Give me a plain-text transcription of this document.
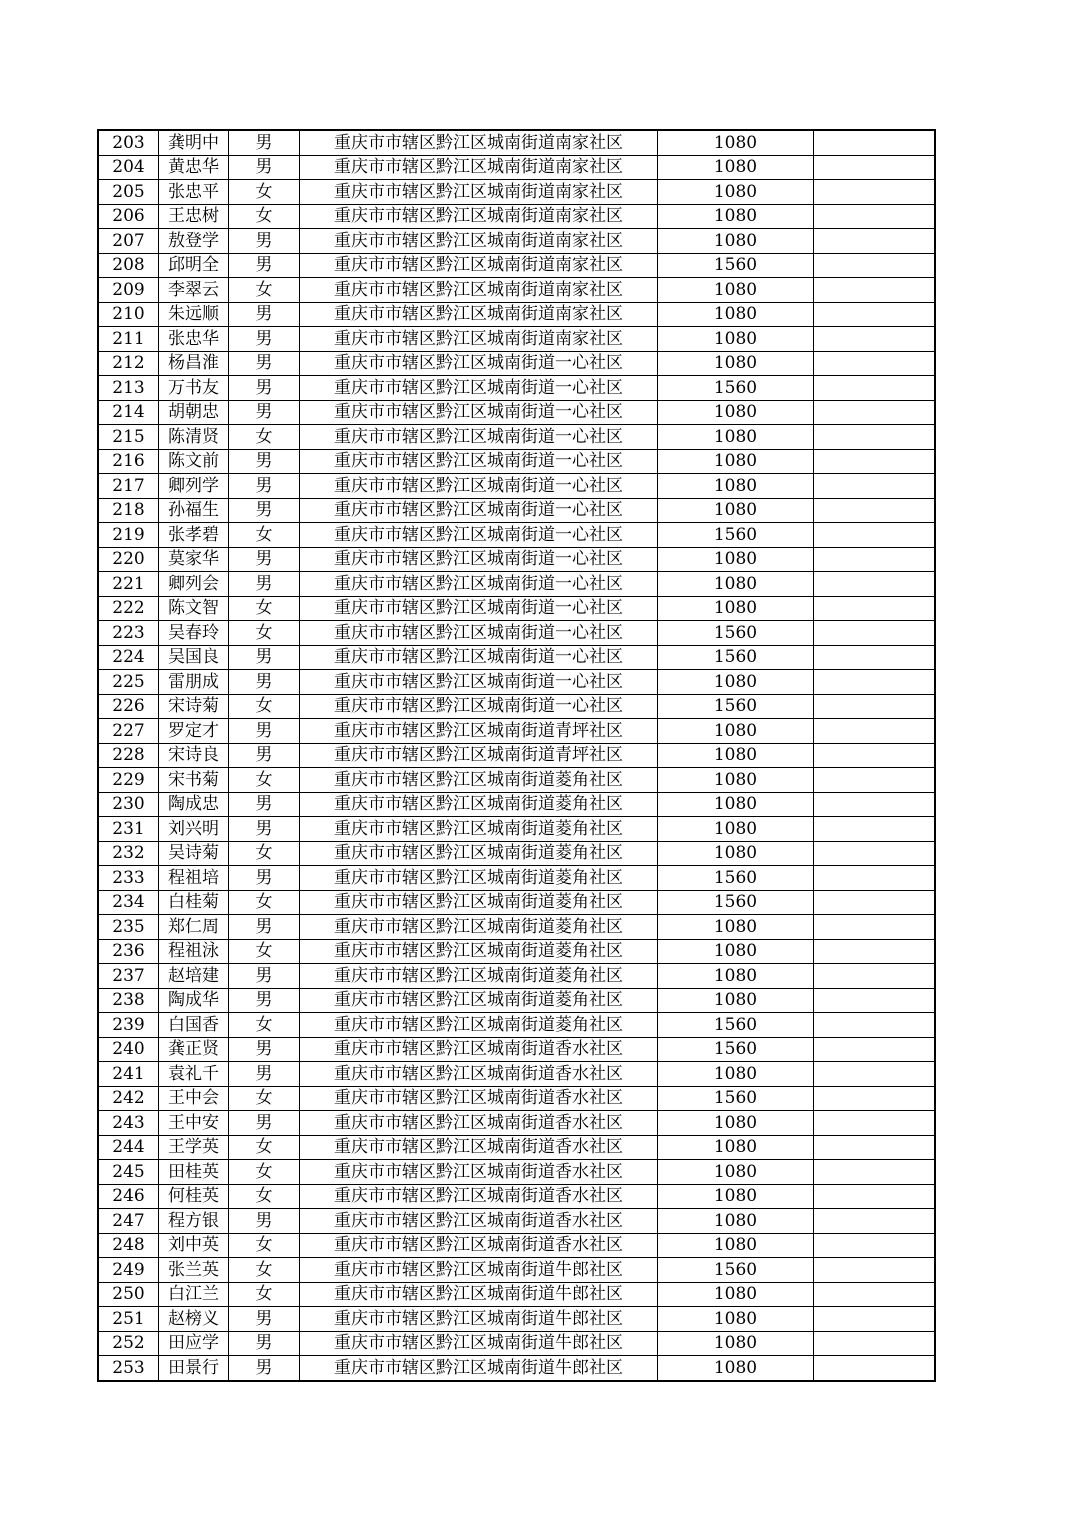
203	龚明中	男	重庆市市辖区黔江区城南街道南家社区	1080	
204	黄忠华	男	重庆市市辖区黔江区城南街道南家社区	1080	
205	张忠平	女	重庆市市辖区黔江区城南街道南家社区	1080	
206	王忠树	女	重庆市市辖区黔江区城南街道南家社区	1080	
207	敖登学	男	重庆市市辖区黔江区城南街道南家社区	1080	
208	邱明全	男	重庆市市辖区黔江区城南街道南家社区	1560	
209	李翠云	女	重庆市市辖区黔江区城南街道南家社区	1080	
210	朱远顺	男	重庆市市辖区黔江区城南街道南家社区	1080	
211	张忠华	男	重庆市市辖区黔江区城南街道南家社区	1080	
212	杨昌淮	男	重庆市市辖区黔江区城南街道一心社区	1080	
213	万书友	男	重庆市市辖区黔江区城南街道一心社区	1560	
214	胡朝忠	男	重庆市市辖区黔江区城南街道一心社区	1080	
215	陈清贤	女	重庆市市辖区黔江区城南街道一心社区	1080	
216	陈文前	男	重庆市市辖区黔江区城南街道一心社区	1080	
217	卿列学	男	重庆市市辖区黔江区城南街道一心社区	1080	
218	孙福生	男	重庆市市辖区黔江区城南街道一心社区	1080	
219	张孝碧	女	重庆市市辖区黔江区城南街道一心社区	1560	
220	莫家华	男	重庆市市辖区黔江区城南街道一心社区	1080	
221	卿列会	男	重庆市市辖区黔江区城南街道一心社区	1080	
222	陈文智	女	重庆市市辖区黔江区城南街道一心社区	1080	
223	吴春玲	女	重庆市市辖区黔江区城南街道一心社区	1560	
224	吴国良	男	重庆市市辖区黔江区城南街道一心社区	1560	
225	雷朋成	男	重庆市市辖区黔江区城南街道一心社区	1080	
226	宋诗菊	女	重庆市市辖区黔江区城南街道一心社区	1560	
227	罗定才	男	重庆市市辖区黔江区城南街道青坪社区	1080	
228	宋诗良	男	重庆市市辖区黔江区城南街道青坪社区	1080	
229	宋书菊	女	重庆市市辖区黔江区城南街道菱角社区	1080	
230	陶成忠	男	重庆市市辖区黔江区城南街道菱角社区	1080	
231	刘兴明	男	重庆市市辖区黔江区城南街道菱角社区	1080	
232	吴诗菊	女	重庆市市辖区黔江区城南街道菱角社区	1080	
233	程祖培	男	重庆市市辖区黔江区城南街道菱角社区	1560	
234	白桂菊	女	重庆市市辖区黔江区城南街道菱角社区	1560	
235	郑仁周	男	重庆市市辖区黔江区城南街道菱角社区	1080	
236	程祖泳	女	重庆市市辖区黔江区城南街道菱角社区	1080	
237	赵培建	男	重庆市市辖区黔江区城南街道菱角社区	1080	
238	陶成华	男	重庆市市辖区黔江区城南街道菱角社区	1080	
239	白国香	女	重庆市市辖区黔江区城南街道菱角社区	1560	
240	龚正贤	男	重庆市市辖区黔江区城南街道香水社区	1560	
241	袁礼千	男	重庆市市辖区黔江区城南街道香水社区	1080	
242	王中会	女	重庆市市辖区黔江区城南街道香水社区	1560	
243	王中安	男	重庆市市辖区黔江区城南街道香水社区	1080	
244	王学英	女	重庆市市辖区黔江区城南街道香水社区	1080	
245	田桂英	女	重庆市市辖区黔江区城南街道香水社区	1080	
246	何桂英	女	重庆市市辖区黔江区城南街道香水社区	1080	
247	程方银	男	重庆市市辖区黔江区城南街道香水社区	1080	
248	刘中英	女	重庆市市辖区黔江区城南街道香水社区	1080	
249	张兰英	女	重庆市市辖区黔江区城南街道牛郎社区	1560	
250	白江兰	女	重庆市市辖区黔江区城南街道牛郎社区	1080	
251	赵榜义	男	重庆市市辖区黔江区城南街道牛郎社区	1080	
252	田应学	男	重庆市市辖区黔江区城南街道牛郎社区	1080	
253	田景行	男	重庆市市辖区黔江区城南街道牛郎社区	1080	
